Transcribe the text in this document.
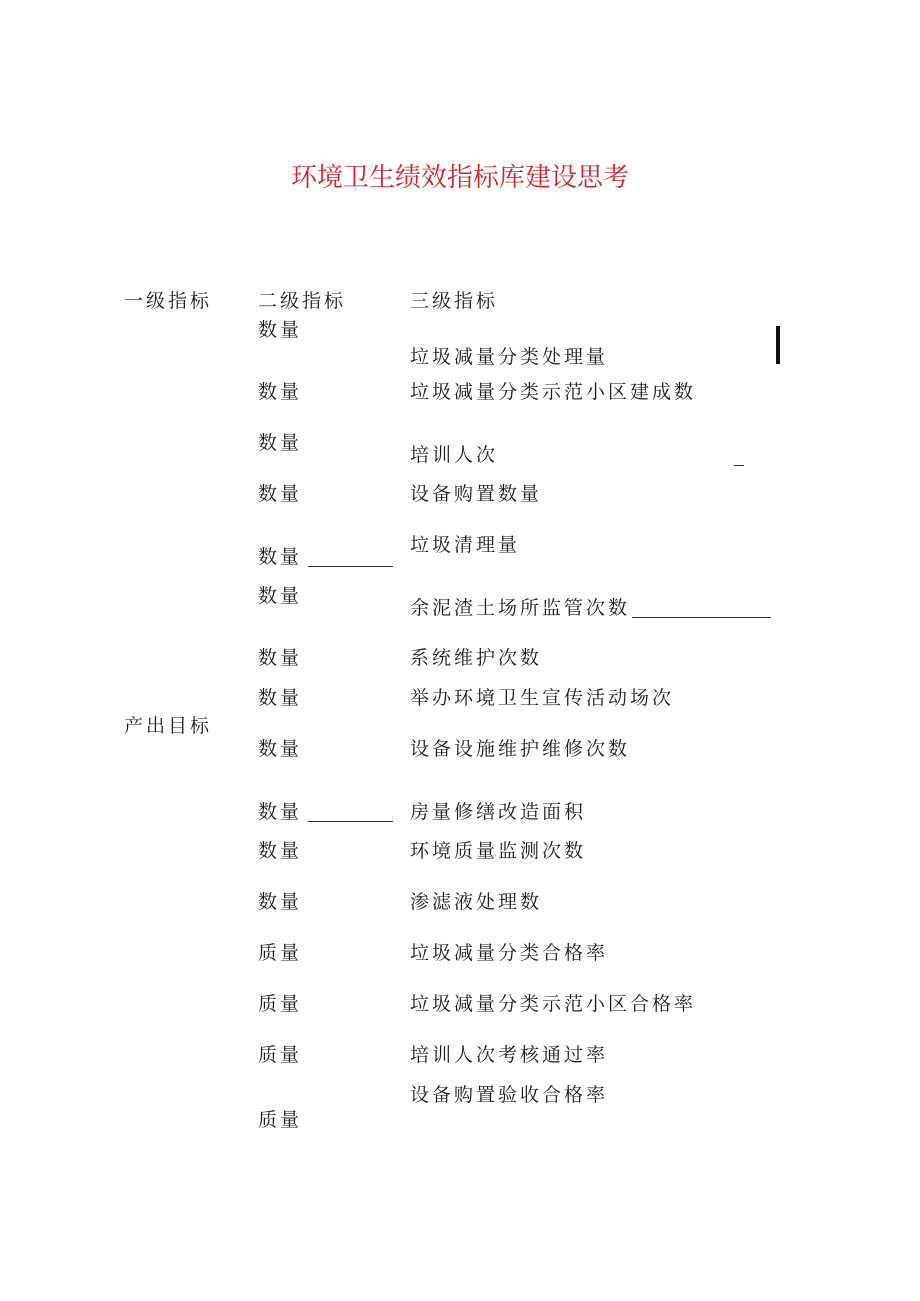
环境卫生绩效指标库建设思考
一级指标 二级指标	三级指标
产出目标
数量
数量
数量
数量
数量
数量
数量
数量
数量
数量
数量
数量
质量
质量
质量
质量
垃圾减量分类处理量
垃圾减量分类示范小区建成数
培训人次
设备购置数量
垃圾清理量
余泥渣土场所监管次数
系统维护次数
举办环境卫生宣传活动场次
设备设施维护维修次数
房量修缮改造面积
环境质量监测次数
渗滤液处理数
垃圾减量分类合格率
垃圾减量分类示范小区合格率
培训人次考核通过率
设备购置验收合格率
